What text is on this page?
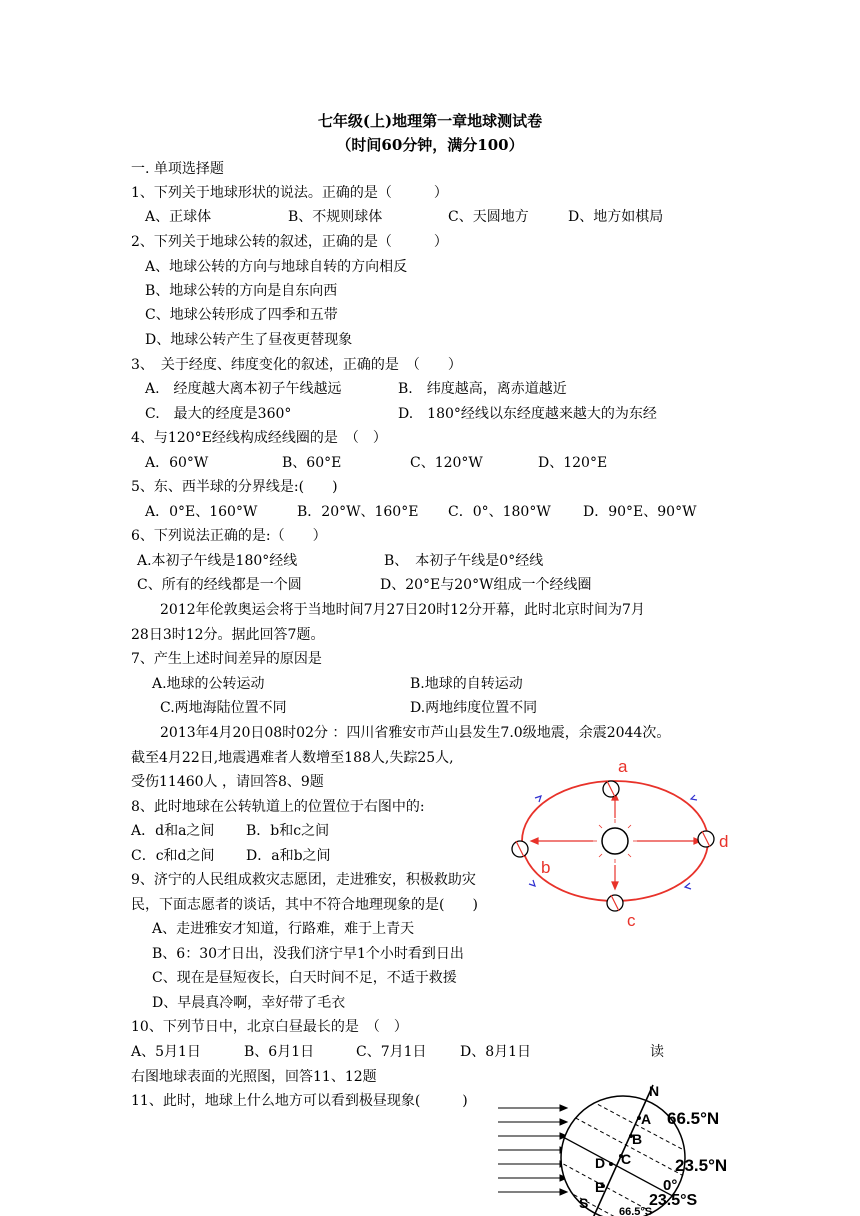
七年级(上)地理第一章地球测试卷
（时间60分钟，满分100）
一. 单项选择题
1、下列关于地球形状的说法。正确的是（　　　）
A、正球体	B、不规则球体	C、天圆地方	D、地方如棋局
2、下列关于地球公转的叙述，正确的是（　　　）
A、地球公转的方向与地球自转的方向相反
B、地球公转的方向是自东向西
C、地球公转形成了四季和五带
D、地球公转产生了昼夜更替现象
3、　关于经度、纬度变化的叙述，正确的是　（　　）
A.　经度越大离本初子午线越远	B.　纬度越高，离赤道越近
C.　最大的经度是360°	D.　180°经线以东经度越来越大的为东经
4、与120°E经线构成经线圈的是　（　）
A．60°W	B、60°E	C、120°W	D、120°E
5、东、西半球的分界线是:(　　)
A．0°E、160°W	B．20°W、160°E C．0°、180°W D．90°E、90°W
6、下列说法正确的是:（　　）
A.本初子午线是180°经线	B、　本初子午线是0°经线
C、所有的经线都是一个圆	D、20°E与20°W组成一个经线圈
2012年伦敦奥运会将于当地时间7月27日20时12分开幕，此时北京时间为7月
28日3时12分。据此回答7题。
7、产生上述时间差异的原因是
A.地球的公转运动	B.地球的自转运动
C.两地海陆位置不同	D.两地纬度位置不同
2013年4月20日08时02分 ：四川省雅安市芦山县发生7.0级地震，余震2044次。
截至4月22日,地震遇难者人数增至188人,失踪25人,
受伤11460人 ，请回答8、9题
8、此时地球在公转轨道上的位置位于右图中的:
A．d和a之间 B．b和c之间
C．c和d之间 D．a和b之间
9、济宁的人民组成救灾志愿团，走进雅安，积极救助灾
民，下面志愿者的谈话，其中不符合地理现象的是(　　)
A、走进雅安才知道，行路难，难于上青天
B、6：30才日出，没我们济宁早1个小时看到日出
C、现在是昼短夜长，白天时间不足，不适于救援
D、早晨真冷啊，幸好带了毛衣
10、下列节日中，北京白昼最长的是　（　）
A、5月1日	B、6月1日	C、7月1日 D、8月1日	读
右图地球表面的光照图，回答11、12题
11、此时，地球上什么地方可以看到极昼现象(　　　)
a
b
c
d
N
S
A
B
C
D
E
66.5°N
23.5°N
0°
23.5°S
66.5°S
